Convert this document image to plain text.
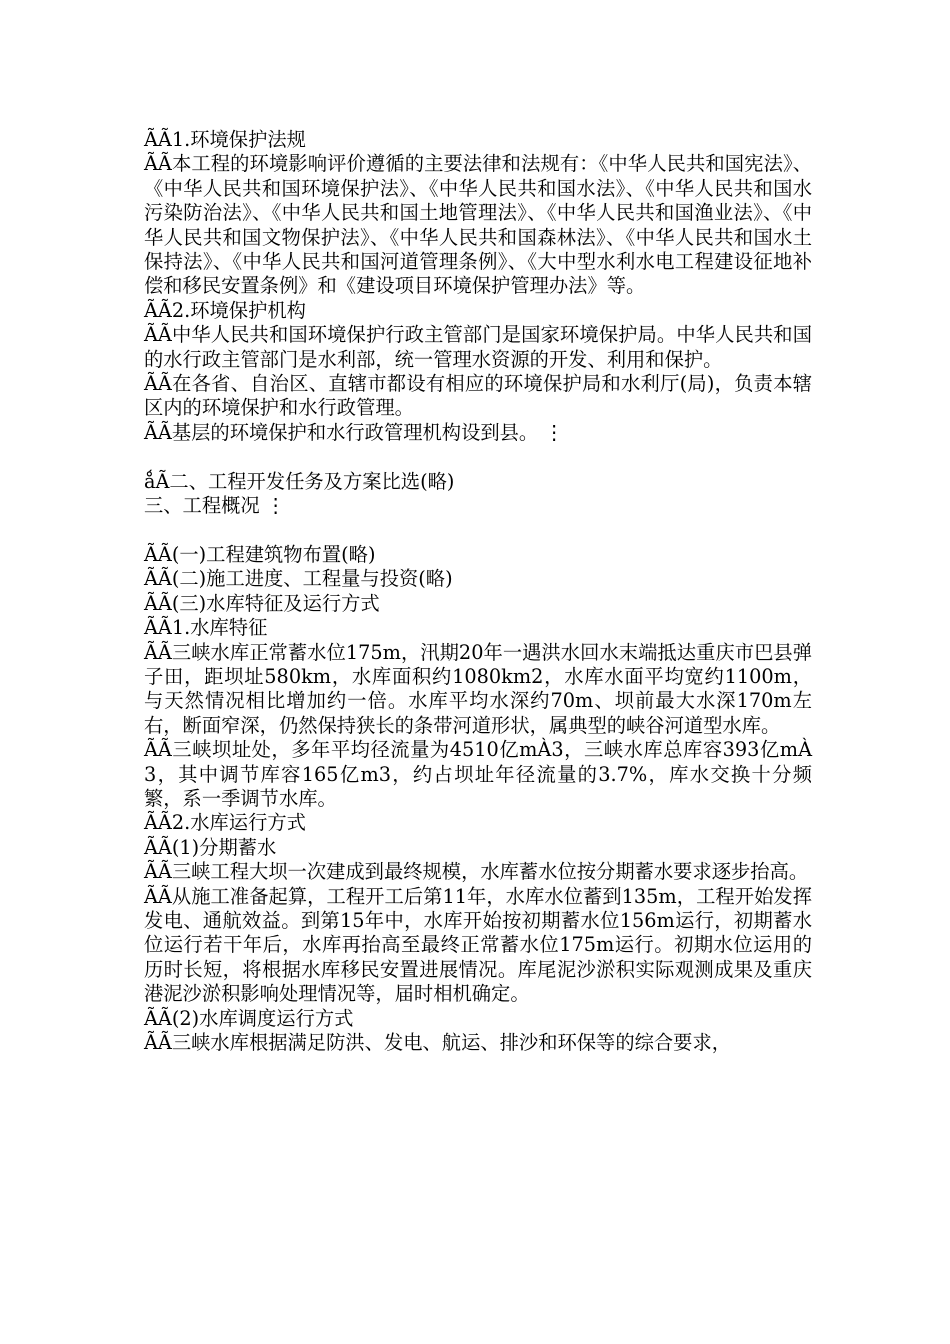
ÃÃ1.环境保护法规

ÃÃ本工程的环境影响评价遵循的主要法律和法规有：《中华人民共和国宪法》、《中华人民共和国环境保护法》、《中华人民共和国水法》、《中华人民共和国水污染防治法》、《中华人民共和国土地管理法》、《中华人民共和国渔业法》、《中华人民共和国文物保护法》、《中华人民共和国森林法》、《中华人民共和国水土保持法》、《中华人民共和国河道管理条例》、《大中型水利水电工程建设征地补偿和移民安置条例》和《建设项目环境保护管理办法》等。

ÃÃ2.环境保护机构

ÃÃ中华人民共和国环境保护行政主管部门是国家环境保护局。中华人民共和国的水行政主管部门是水利部，统一管理水资源的开发、利用和保护。

ÃÃ在各省、自治区、直辖市都设有相应的环境保护局和水利厅(局)，负责本辖区内的环境保护和水行政管理。

ÃÃ基层的环境保护和水行政管理机构设到县。 ⋮

ǻÃ二、工程开发任务及方案比选(略)

三、工程概况 ⋮

ÃÃ(一)工程建筑物布置(略)

ÃÃ(二)施工进度、工程量与投资(略)

ÃÃ(三)水库特征及运行方式

ÃÃ1.水库特征

ÃÃ三峡水库正常蓄水位175m，汛期20年一遇洪水回水末端抵达重庆市巴县弹子田，距坝址580km，水库面积约1080km2，水库水面平均宽约1100m，与天然情况相比增加约一倍。水库平均水深约70m、坝前最大水深170m左右，断面窄深，仍然保持狭长的条带河道形状，属典型的峡谷河道型水库。

ÃÃ三峡坝址处，多年平均径流量为4510亿mÀ3，三峡水库总库容393亿mÀ3，其中调节库容165亿m3，约占坝址年径流量的3.7%，库水交换十分频繁，系一季调节水库。

ÃÃ2.水库运行方式

ÃÃ(1)分期蓄水

ÃÃ三峡工程大坝一次建成到最终规模，水库蓄水位按分期蓄水要求逐步抬高。

ÃÃ从施工准备起算，工程开工后第11年，水库水位蓄到135m，工程开始发挥发电、通航效益。到第15年中，水库开始按初期蓄水位156m运行，初期蓄水位运行若干年后，水库再抬高至最终正常蓄水位175m运行。初期水位运用的历时长短，将根据水库移民安置进展情况。库尾泥沙淤积实际观测成果及重庆港泥沙淤积影响处理情况等，届时相机确定。

ÃÃ(2)水库调度运行方式

ÃÃ三峡水库根据满足防洪、发电、航运、排沙和环保等的综合要求，
